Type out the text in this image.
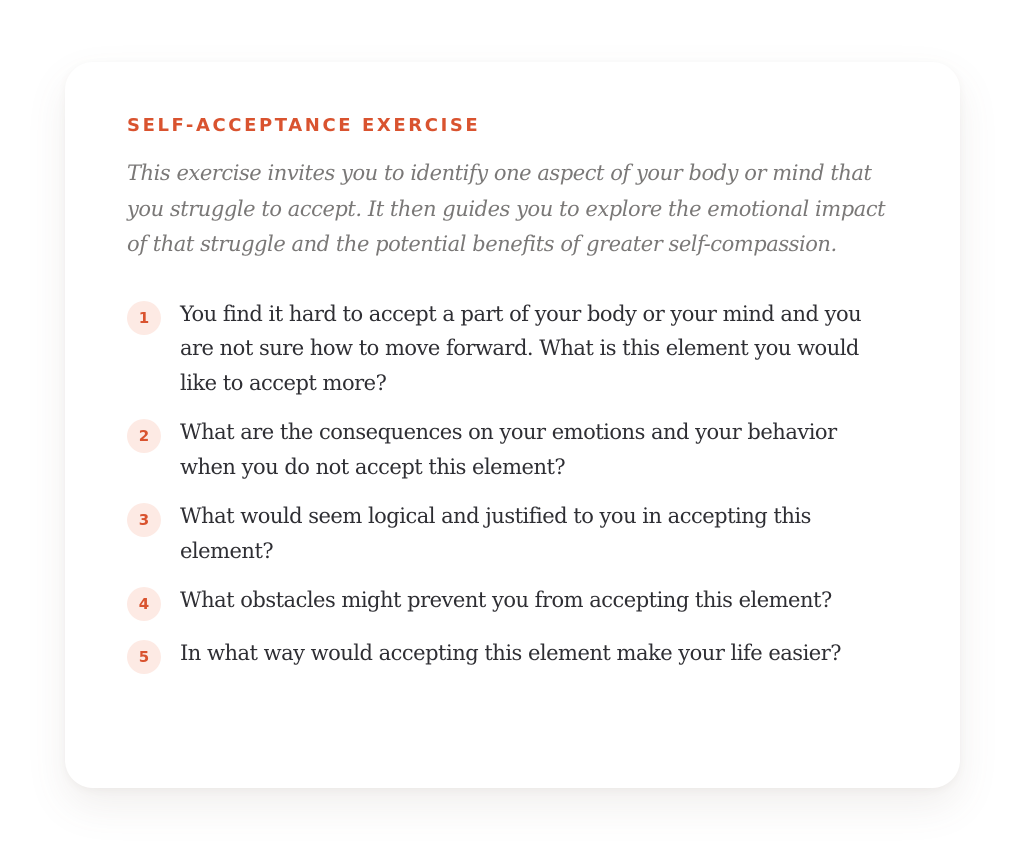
SELF-ACCEPTANCE EXERCISE

This exercise invites you to identify one aspect of your body or mind that you struggle to accept. It then guides you to explore the emotional impact of that struggle and the potential benefits of greater self-compassion.

1	You find it hard to accept a part of your body or your mind and you are not sure how to move forward. What is this element you would like to accept more?
2	What are the consequences on your emotions and your behavior when you do not accept this element?
3	What would seem logical and justified to you in accepting this element?
4	What obstacles might prevent you from accepting this element?
5	In what way would accepting this element make your life easier?
